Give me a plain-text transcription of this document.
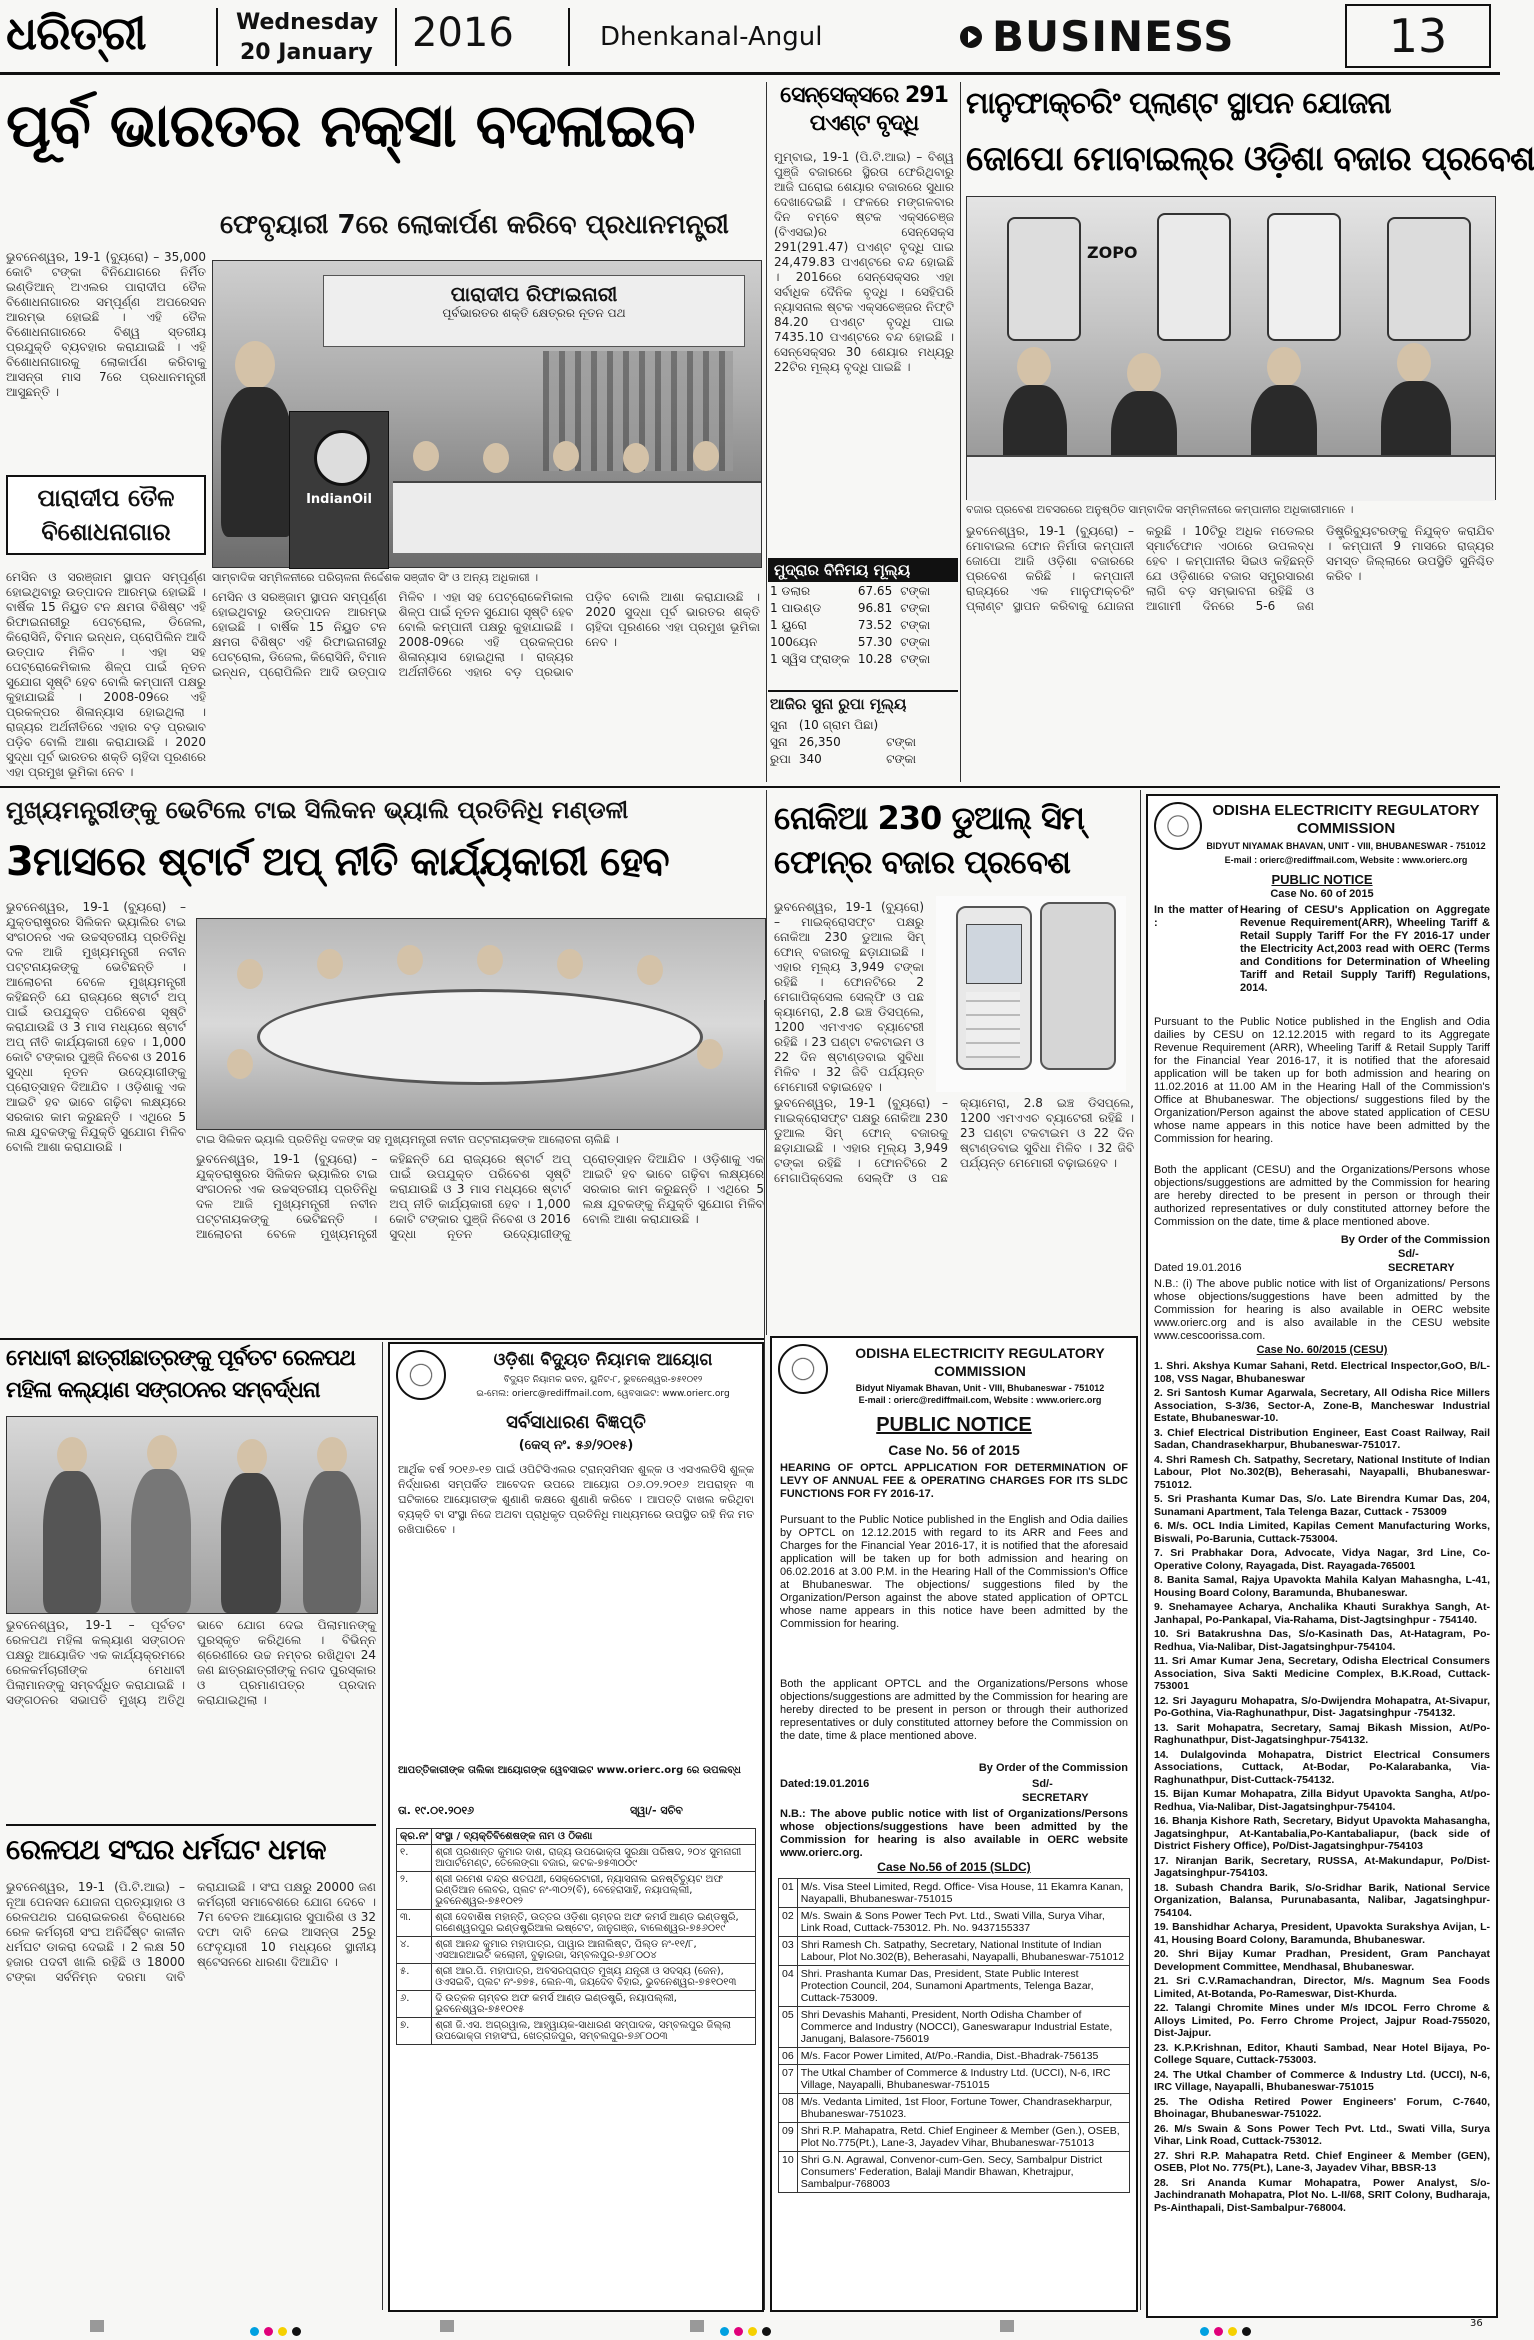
ଧରିତ୍ରୀ	Wednesday
20 January 2016	Dhenkanal-Angul	BUSINESS	13
ପୂର୍ବ ଭାରତର ନକ୍ସା ବଦଳାଇବ
ଫେବୃୟାରୀ 7ରେ ଲୋକାର୍ପଣ କରିବେ ପ୍ରଧାନମନ୍ତ୍ରୀ
ଭୁବନେଶ୍ୱର, 19-1 (ବ୍ୟୁରୋ) – 35,000 କୋଟି ଟଙ୍କା ବିନିଯୋଗରେ ନିର୍ମିତ ଇଣ୍ଡିଆନ୍ ଅଏଲର ପାରାଦୀପ ତୈଳ ବିଶୋଧନାଗାରର ସମ୍ପୂର୍ଣ୍ଣ ଅପରେସନ ଆରମ୍ଭ ହୋଇଛି । ଏହି ତୈଳ ବିଶୋଧନାଗାରରେ ବିଶ୍ୱ ସ୍ତରୀୟ ପ୍ରଯୁକ୍ତି ବ୍ୟବହାର କରାଯାଇଛି । ଏହି ବିଶୋଧନାଗାରକୁ ଲୋକାର୍ପଣ କରିବାକୁ ଆସନ୍ତା ମାସ 7ରେ ପ୍ରଧାନମନ୍ତ୍ରୀ ଆସୁଛନ୍ତି ।
ପାରାଦୀପ ତୈଳ ବିଶୋଧନାଗାର
ମେସିନ ଓ ସରଞ୍ଜାମ ସ୍ଥାପନ ସମ୍ପୂର୍ଣ୍ଣ ହୋଇଥିବାରୁ ଉତ୍ପାଦନ ଆରମ୍ଭ ହୋଇଛି । ବାର୍ଷିକ 15 ନିୟୁତ ଟନ କ୍ଷମତା ବିଶିଷ୍ଟ ଏହି ରିଫାଇନାରୀରୁ ପେଟ୍ରୋଲ, ଡିଜେଲ, କିରୋସିନି, ବିମାନ ଇନ୍ଧନ, ପ୍ରୋପିଲିନ ଆଦି ଉତ୍ପାଦ ମିଳିବ । ଏହା ସହ ପେଟ୍ରୋକେମିକାଲ ଶିଳ୍ପ ପାଇଁ ନୂତନ ସୁଯୋଗ ସୃଷ୍ଟି ହେବ ବୋଲି କମ୍ପାନୀ ପକ୍ଷରୁ କୁହାଯାଇଛି । 2008-09ରେ ଏହି ପ୍ରକଳ୍ପର ଶିଳାନ୍ୟାସ ହୋଇଥିଲା । ରାଜ୍ୟର ଅର୍ଥନୀତିରେ ଏହାର ବଡ଼ ପ୍ରଭାବ ପଡ଼ିବ ବୋଲି ଆଶା କରାଯାଉଛି । 2020 ସୁଦ୍ଧା ପୂର୍ବ ଭାରତର ଶକ୍ତି ଚାହିଦା ପୂରଣରେ ଏହା ପ୍ରମୁଖ ଭୂମିକା ନେବ ।
ପାରାଦୀପ ରିଫାଇନାରୀ
ପୂର୍ବଭାରତର ଶକ୍ତି କ୍ଷେତ୍ରର ନୂତନ ପଥ
IndianOil
ସାମ୍ବାଦିକ ସମ୍ମିଳନୀରେ ପରିଚାଳନା ନିର୍ଦ୍ଦେଶକ ସଞ୍ଜୀବ ସିଂ ଓ ଅନ୍ୟ ଅଧିକାରୀ ।
ମେସିନ ଓ ସରଞ୍ଜାମ ସ୍ଥାପନ ସମ୍ପୂର୍ଣ୍ଣ ହୋଇଥିବାରୁ ଉତ୍ପାଦନ ଆରମ୍ଭ ହୋଇଛି । ବାର୍ଷିକ 15 ନିୟୁତ ଟନ କ୍ଷମତା ବିଶିଷ୍ଟ ଏହି ରିଫାଇନାରୀରୁ ପେଟ୍ରୋଲ, ଡିଜେଲ, କିରୋସିନି, ବିମାନ ଇନ୍ଧନ, ପ୍ରୋପିଲିନ ଆଦି ଉତ୍ପାଦ ମିଳିବ । ଏହା ସହ ପେଟ୍ରୋକେମିକାଲ ଶିଳ୍ପ ପାଇଁ ନୂତନ ସୁଯୋଗ ସୃଷ୍ଟି ହେବ ବୋଲି କମ୍ପାନୀ ପକ୍ଷରୁ କୁହାଯାଇଛି । 2008-09ରେ ଏହି ପ୍ରକଳ୍ପର ଶିଳାନ୍ୟାସ ହୋଇଥିଲା । ରାଜ୍ୟର ଅର୍ଥନୀତିରେ ଏହାର ବଡ଼ ପ୍ରଭାବ ପଡ଼ିବ ବୋଲି ଆଶା କରାଯାଉଛି । 2020 ସୁଦ୍ଧା ପୂର୍ବ ଭାରତର ଶକ୍ତି ଚାହିଦା ପୂରଣରେ ଏହା ପ୍ରମୁଖ ଭୂମିକା ନେବ ।
ସେନ୍‌ସେକ୍ସରେ 291 ପଏଣ୍ଟ ବୃଦ୍ଧି
ମୁମ୍ବାଇ, 19-1 (ପି.ଟି.ଆଇ) – ବିଶ୍ୱ ପୁଞ୍ଜି ବଜାରରେ ସ୍ଥିରତା ଫେରିଥିବାରୁ ଆଜି ଘରୋଇ ଶେୟାର ବଜାରରେ ସୁଧାର ଦେଖାଦେଇଛି । ଫଳରେ ମଙ୍ଗଳବାର ଦିନ ବମ୍ବେ ଷ୍ଟକ ଏକ୍ସଚେଞ୍ଜ (ବିଏସଇ)ର ସେନ୍‌ସେକ୍ସ 291(291.47) ପଏଣ୍ଟ ବୃଦ୍ଧି ପାଇ 24,479.83 ପଏଣ୍ଟରେ ବନ୍ଦ ହୋଇଛି । 2016ରେ ସେନ୍‌ସେକ୍ସର ଏହା ସର୍ବାଧିକ ଦୈନିକ ବୃଦ୍ଧି । ସେହିପରି ନ୍ୟାସନାଲ ଷ୍ଟକ ଏକ୍ସଚେଞ୍ଜର ନିଫ୍ଟି 84.20 ପଏଣ୍ଟ ବୃଦ୍ଧି ପାଇ 7435.10 ପଏଣ୍ଟରେ ବନ୍ଦ ହୋଇଛି । ସେନ୍‌ସେକ୍ସର 30 ଶେୟାର ମଧ୍ୟରୁ 22ଟିର ମୂଲ୍ୟ ବୃଦ୍ଧି ପାଇଛି ।
ମୁଦ୍ରାର ବିନିମୟ ମୂଲ୍ୟ
1 ଡଲାର	67.65	ଟଙ୍କା
1 ପାଉଣ୍ଡ	96.81	ଟଙ୍କା
1 ୟୁରୋ	73.52	ଟଙ୍କା
100ୟେନ	57.30	ଟଙ୍କା
1 ସ୍ୱିସ ଫ୍ରାଙ୍କ	10.28	ଟଙ୍କା
ଆଜିର ସୁନା ରୁପା ମୂଲ୍ୟ
ସୁନା	(10 ଗ୍ରାମ ପିଛା)	
ସୁନା	26,350	ଟଙ୍କା
ରୁପା	340	ଟଙ୍କା
ମାନୁଫାକ୍ଚରିଂ ପ୍ଲାଣ୍ଟ ସ୍ଥାପନ ଯୋଜନା
ଜୋପୋ ମୋବାଇଲ୍‌ର ଓଡ଼ିଶା ବଜାର ପ୍ରବେଶ
ZOPO
ବଜାର ପ୍ରବେଶ ଅବସରରେ ଅନୁଷ୍ଠିତ ସାମ୍ବାଦିକ ସମ୍ମିଳନୀରେ କମ୍ପାନୀର ଅଧିକାରୀମାନେ ।
ଭୁବନେଶ୍ୱର, 19-1 (ବ୍ୟୁରୋ) – ମୋବାଇଲ ଫୋନ ନିର୍ମାତା କମ୍ପାନୀ ଜୋପୋ ଆଜି ଓଡ଼ିଶା ବଜାରରେ ପ୍ରବେଶ କରିଛି । କମ୍ପାନୀ ରାଜ୍ୟରେ ଏକ ମାନୁଫାକ୍ଚରିଂ ପ୍ଲାଣ୍ଟ ସ୍ଥାପନ କରିବାକୁ ଯୋଜନା କରୁଛି । 10ଟିରୁ ଅଧିକ ମଡେଲର ସ୍ମାର୍ଟଫୋନ ଏଠାରେ ଉପଲବ୍ଧ ହେବ । କମ୍ପାନୀର ସିଇଓ କହିଛନ୍ତି ଯେ ଓଡ଼ିଶାରେ ବଜାର ସମ୍ପ୍ରସାରଣ ଲାଗି ବଡ଼ ସମ୍ଭାବନା ରହିଛି ଓ ଆଗାମୀ ଦିନରେ 5-6 ଜଣ ଡିଷ୍ଟ୍ରିବ୍ୟୁଟରଙ୍କୁ ନିଯୁକ୍ତ କରାଯିବ । କମ୍ପାନୀ 9 ମାସରେ ରାଜ୍ୟର ସମସ୍ତ ଜିଲ୍ଲାରେ ଉପସ୍ଥିତି ସୁନିଶ୍ଚିତ କରିବ ।
ମୁଖ୍ୟମନ୍ତ୍ରୀଙ୍କୁ ଭେଟିଲେ ଟାଇ ସିଲିକନ ଭ୍ୟାଲି ପ୍ରତିନିଧି ମଣ୍ଡଳୀ
3ମାସରେ ଷ୍ଟାର୍ଟ ଅପ୍ ନୀତି କାର୍ଯ୍ୟକାରୀ ହେବ
ଭୁବନେଶ୍ୱର, 19-1 (ବ୍ୟୁରୋ) – ଯୁକ୍ତରାଷ୍ଟ୍ରର ସିଲିକନ ଭ୍ୟାଲିର ଟାଇ ସଂଗଠନର ଏକ ଉଚ୍ଚସ୍ତରୀୟ ପ୍ରତିନିଧି ଦଳ ଆଜି ମୁଖ୍ୟମନ୍ତ୍ରୀ ନବୀନ ପଟ୍ଟନାୟକଙ୍କୁ ଭେଟିଛନ୍ତି । ଆଲୋଚନା ବେଳେ ମୁଖ୍ୟମନ୍ତ୍ରୀ କହିଛନ୍ତି ଯେ ରାଜ୍ୟରେ ଷ୍ଟାର୍ଟ ଅପ୍ ପାଇଁ ଉପଯୁକ୍ତ ପରିବେଶ ସୃଷ୍ଟି କରାଯାଉଛି ଓ 3 ମାସ ମଧ୍ୟରେ ଷ୍ଟାର୍ଟ ଅପ୍ ନୀତି କାର୍ଯ୍ୟକାରୀ ହେବ । 1,000 କୋଟି ଟଙ୍କାର ପୁଞ୍ଜି ନିବେଶ ଓ 2016 ସୁଦ୍ଧା ନୂତନ ଉଦ୍ୟୋଗୀଙ୍କୁ ପ୍ରୋତ୍ସାହନ ଦିଆଯିବ । ଓଡ଼ିଶାକୁ ଏକ ଆଇଟି ହବ ଭାବେ ଗଢ଼ିବା ଲକ୍ଷ୍ୟରେ ସରକାର କାମ କରୁଛନ୍ତି । ଏଥିରେ 5 ଲକ୍ଷ ଯୁବକଙ୍କୁ ନିଯୁକ୍ତି ସୁଯୋଗ ମିଳିବ ବୋଲି ଆଶା କରାଯାଉଛି ।
ଟାଇ ସିଲିକନ ଭ୍ୟାଲି ପ୍ରତିନିଧି ଦଳଙ୍କ ସହ ମୁଖ୍ୟମନ୍ତ୍ରୀ ନବୀନ ପଟ୍ଟନାୟକଙ୍କ ଆଲୋଚନା ଚାଲିଛି ।
ଭୁବନେଶ୍ୱର, 19-1 (ବ୍ୟୁରୋ) – ଯୁକ୍ତରାଷ୍ଟ୍ରର ସିଲିକନ ଭ୍ୟାଲିର ଟାଇ ସଂଗଠନର ଏକ ଉଚ୍ଚସ୍ତରୀୟ ପ୍ରତିନିଧି ଦଳ ଆଜି ମୁଖ୍ୟମନ୍ତ୍ରୀ ନବୀନ ପଟ୍ଟନାୟକଙ୍କୁ ଭେଟିଛନ୍ତି । ଆଲୋଚନା ବେଳେ ମୁଖ୍ୟମନ୍ତ୍ରୀ କହିଛନ୍ତି ଯେ ରାଜ୍ୟରେ ଷ୍ଟାର୍ଟ ଅପ୍ ପାଇଁ ଉପଯୁକ୍ତ ପରିବେଶ ସୃଷ୍ଟି କରାଯାଉଛି ଓ 3 ମାସ ମଧ୍ୟରେ ଷ୍ଟାର୍ଟ ଅପ୍ ନୀତି କାର୍ଯ୍ୟକାରୀ ହେବ । 1,000 କୋଟି ଟଙ୍କାର ପୁଞ୍ଜି ନିବେଶ ଓ 2016 ସୁଦ୍ଧା ନୂତନ ଉଦ୍ୟୋଗୀଙ୍କୁ ପ୍ରୋତ୍ସାହନ ଦିଆଯିବ । ଓଡ଼ିଶାକୁ ଏକ ଆଇଟି ହବ ଭାବେ ଗଢ଼ିବା ଲକ୍ଷ୍ୟରେ ସରକାର କାମ କରୁଛନ୍ତି । ଏଥିରେ 5 ଲକ୍ଷ ଯୁବକଙ୍କୁ ନିଯୁକ୍ତି ସୁଯୋଗ ମିଳିବ ବୋଲି ଆଶା କରାଯାଉଛି ।
ନୋକିଆ 230 ଡୁଆଲ୍ ସିମ୍ ଫୋନ୍‌ର ବଜାର ପ୍ରବେଶ
ଭୁବନେଶ୍ୱର, 19-1 (ବ୍ୟୁରୋ) – ମାଇକ୍ରୋସଫ୍ଟ ପକ୍ଷରୁ ନୋକିଆ 230 ଡୁଆଲ ସିମ୍ ଫୋନ୍ ବଜାରକୁ ଛଡ଼ାଯାଇଛି । ଏହାର ମୂଲ୍ୟ 3,949 ଟଙ୍କା ରହିଛି । ଫୋନଟିରେ 2 ମେଗାପିକ୍ସେଲ ସେଲ୍‌ଫି ଓ ପଛ କ୍ୟାମେରା, 2.8 ଇଞ୍ଚ ଡିସପ୍ଲେ, 1200 ଏମଏଏଚ ବ୍ୟାଟେରୀ ରହିଛି । 23 ଘଣ୍ଟା ଟକଟାଇମ ଓ 22 ଦିନ ଷ୍ଟାଣ୍ଡବାଇ ସୁବିଧା ମିଳିବ । 32 ଜିବି ପର୍ଯ୍ୟନ୍ତ ମେମୋରୀ ବଢ଼ାଇହେବ ।
ଭୁବନେଶ୍ୱର, 19-1 (ବ୍ୟୁରୋ) – ମାଇକ୍ରୋସଫ୍ଟ ପକ୍ଷରୁ ନୋକିଆ 230 ଡୁଆଲ ସିମ୍ ଫୋନ୍ ବଜାରକୁ ଛଡ଼ାଯାଇଛି । ଏହାର ମୂଲ୍ୟ 3,949 ଟଙ୍କା ରହିଛି । ଫୋନଟିରେ 2 ମେଗାପିକ୍ସେଲ ସେଲ୍‌ଫି ଓ ପଛ କ୍ୟାମେରା, 2.8 ଇଞ୍ଚ ଡିସପ୍ଲେ, 1200 ଏମଏଏଚ ବ୍ୟାଟେରୀ ରହିଛି । 23 ଘଣ୍ଟା ଟକଟାଇମ ଓ 22 ଦିନ ଷ୍ଟାଣ୍ଡବାଇ ସୁବିଧା ମିଳିବ । 32 ଜିବି ପର୍ଯ୍ୟନ୍ତ ମେମୋରୀ ବଢ଼ାଇହେବ ।
ODISHA ELECTRICITY REGULATORY COMMISSION
BIDYUT NIYAMAK BHAVAN, UNIT - VIII, BHUBANESWAR - 751012
E-mail : orierc@rediffmail.com, Website : www.orierc.org
PUBLIC NOTICE
Case No. 60 of 2015
In the matter of :
Hearing of CESU's Application on Aggregate Revenue Requirement(ARR), Wheeling Tariff & Retail Supply Tariff For the FY 2016-17 under the Electricity Act,2003 read with OERC (Terms and Conditions for Determination of Wheeling Tariff and Retail Supply Tariff) Regulations, 2014.
Pursuant to the Public Notice published in the English and Odia dailies by CESU on 12.12.2015 with regard to its Aggregate Revenue Requirement (ARR), Wheeling Tariff & Retail Supply Tariff for the Financial Year 2016-17, it is notified that the aforesaid application will be taken up for both admission and hearing on 11.02.2016 at 11.00 AM in the Hearing Hall of the Commission's Office at Bhubaneswar. The objections/ suggestions filed by the Organization/Person against the above stated application of CESU whose name appears in this notice have been admitted by the Commission for hearing.
Both the applicant (CESU) and the Organizations/Persons whose objections/suggestions are admitted by the Commission for hearing are hereby directed to be present in person or through their authorized representatives or duly constituted attorney before the Commission on the date, time & place mentioned above.
By Order of the Commission
Sd/-
Dated 19.01.2016	SECRETARY
N.B.: (i) The above public notice with list of Organizations/ Persons whose objections/suggestions have been admitted by the Commission for hearing is also available in OERC website www.orierc.org and is also available in the CESU website www.cescoorissa.com.
Case No. 60/2015 (CESU)
1. Shri. Akshya Kumar Sahani, Retd. Electrical Inspector,GoO, B/L-108, VSS Nagar, Bhubaneswar
2. Sri Santosh Kumar Agarwala, Secretary, All Odisha Rice Millers Association, S-3/36, Sector-A, Zone-B, Mancheswar Industrial Estate, Bhubaneswar-10.
3. Chief Electrical Distribution Engineer, East Coast Railway, Rail Sadan, Chandrasekharpur, Bhubaneswar-751017.
4. Shri Ramesh Ch. Satpathy, Secretary, National Institute of Indian Labour, Plot No.302(B), Beherasahi, Nayapalli, Bhubaneswar-751012.
5. Sri Prashanta Kumar Das, S/o. Late Birendra Kumar Das, 204, Sunamani Apartment, Tala Telenga Bazar, Cuttack - 753009
6. M/s. OCL India Limited, Kapilas Cement Manufacturing Works, Biswali, Po-Barunia, Cuttack-753004.
7. Sri Prabhakar Dora, Advocate, Vidya Nagar, 3rd Line, Co-Operative Colony, Rayagada, Dist. Rayagada-765001
8. Banita Samal, Rajya Upavokta Mahila Kalyan Mahasngha, L-41, Housing Board Colony, Baramunda, Bhubaneswar.
9. Snehamayee Acharya, Anchalika Khauti Surakhya Sangh, At-Janhapal, Po-Pankapal, Via-Rahama, Dist-Jagtsinghpur - 754140.
10. Sri Batakrushna Das, S/o-Kasinath Das, At-Hatagram, Po-Redhua, Via-Nalibar, Dist-Jagatsinghpur-754104.
11. Sri Amar Kumar Jena, Secretary, Odisha Electrical Consumers Association, Siva Sakti Medicine Complex, B.K.Road, Cuttack-753001
12. Sri Jayaguru Mohapatra, S/o-Dwijendra Mohapatra, At-Sivapur, Po-Gothina, Via-Raghunathpur, Dist- Jagatsinghpur -754132.
13. Sarit Mohapatra, Secretary, Samaj Bikash Mission, At/Po-Raghunathpur, Dist-Jagatsinghpur-754132.
14. Dulalgovinda Mohapatra, District Electrical Consumers Associations, Cuttack, At-Bodar, Po-Kalarabanka, Via-Raghunathpur, Dist-Cuttack-754132.
15. Bijan Kumar Mohapatra, Zilla Bidyut Upavokta Sangha, At/po-Redhua, Via-Nalibar, Dist-Jagatsinghpur-754104.
16. Bhanja Kishore Rath, Secretary, Bidyut Upavokta Mahasangha, Jagatsinghpur, At-Kantabalia,Po-Kantabaliapur, (back side of District Fishery Office), Po/Dist-Jagatsinghpur-754103
17. Niranjan Barik, Secretary, RUSSA, At-Makundapur, Po/Dist-Jagatsinghpur-754103.
18. Subash Chandra Barik, S/o-Sridhar Barik, National Service Organization, Balansa, Purunabasanta, Nalibar, Jagatsinghpur-754104.
19. Banshidhar Acharya, President, Upavokta Surakshya Avijan, L-41, Housing Board Colony, Baramunda, Bhubaneswar.
20. Shri Bijay Kumar Pradhan, President, Gram Panchayat Development Committee, Mendhasal, Bhubaneswar.
21. Sri C.V.Ramachandran, Director, M/s. Magnum Sea Foods Limited, At-Botanda, Po-Rameswar, Dist-Khurda.
22. Talangi Chromite Mines under M/s IDCOL Ferro Chrome & Alloys Limited, Po. Ferro Chrome Project, Jajpur Road-755020, Dist-Jajpur.
23. K.P.Krishnan, Editor, Khauti Sambad, Near Hotel Bijaya, Po-College Square, Cuttack-753003.
24. The Utkal Chamber of Commerce & Industry Ltd. (UCCI), N-6, IRC Village, Nayapalli, Bhubaneswar-751015
25. The Odisha Retired Power Engineers' Forum, C-7640, Bhoinagar, Bhubaneswar-751022.
26. M/s Swain & Sons Power Tech Pvt. Ltd., Swati Villa, Surya Vihar, Link Road, Cuttack-753012.
27. Shri R.P. Mahapatra Retd. Chief Engineer & Member (GEN), OSEB, Plot No. 775(Pt.), Lane-3, Jayadev Vihar, BBSR-13
28. Sri Ananda Kumar Mohapatra, Power Analyst, S/o-Jachindranath Mohapatra, Plot No. L-II/68, SRIT Colony, Budharaja, Ps-Ainthapali, Dist-Sambalpur-768004.
ମେଧାବୀ ଛାତ୍ରୀଛାତ୍ରଙ୍କୁ ପୂର୍ବତଟ ରେଳପଥ
ମହିଳା କଲ୍ୟାଣ ସଙ୍ଗଠନର ସମ୍ବର୍ଦ୍ଧନା
ଭୁବନେଶ୍ୱର, 19-1 – ପୂର୍ବତଟ ରେଳପଥ ମହିଳା କଲ୍ୟାଣ ସଙ୍ଗଠନ ପକ୍ଷରୁ ଆୟୋଜିତ ଏକ କାର୍ଯ୍ୟକ୍ରମରେ ରେଳକର୍ମଚାରୀଙ୍କ ମେଧାବୀ ପିଲାମାନଙ୍କୁ ସମ୍ବର୍ଦ୍ଧିତ କରାଯାଇଛି । ସଙ୍ଗଠନର ସଭାପତି ମୁଖ୍ୟ ଅତିଥି ଭାବେ ଯୋଗ ଦେଇ ପିଲାମାନଙ୍କୁ ପୁରସ୍କୃତ କରିଥିଲେ । ବିଭିନ୍ନ ଶ୍ରେଣୀରେ ଉଚ୍ଚ ନମ୍ବର ରଖିଥିବା 24 ଜଣ ଛାତ୍ରଛାତ୍ରୀଙ୍କୁ ନଗଦ ପୁରସ୍କାର ଓ ପ୍ରମାଣପତ୍ର ପ୍ରଦାନ କରାଯାଇଥିଲା ।
ରେଳପଥ ସଂଘର ଧର୍ମଘଟ ଧମକ
ଭୁବନେଶ୍ୱର, 19-1 (ପି.ଟି.ଆଇ) – ନୂଆ ପେନସନ ଯୋଜନା ପ୍ରତ୍ୟାହାର ଓ ରେଳପଥର ଘରୋଇକରଣ ବିରୋଧରେ ରେଳ କର୍ମଚାରୀ ସଂଘ ଅନିର୍ଦ୍ଦିଷ୍ଟ କାଳୀନ ଧର୍ମଘଟ ଡାକରା ଦେଇଛି । 2 ଲକ୍ଷ 50 ହଜାର ପଦବୀ ଖାଲି ରହିଛି ଓ 18000 ଟଙ୍କା ସର୍ବନିମ୍ନ ଦରମା ଦାବି କରାଯାଇଛି । ସଂଘ ପକ୍ଷରୁ 20000 ଜଣ କର୍ମଚାରୀ ସମାବେଶରେ ଯୋଗ ଦେବେ । 7ମ ବେତନ ଆୟୋଗର ସୁପାରିଶ ଓ 32 ଦଫା ଦାବି ନେଇ ଆସନ୍ତା 25ରୁ ଫେବୃୟାରୀ 10 ମଧ୍ୟରେ ସ୍ଥାନୀୟ ଷ୍ଟେସନରେ ଧାରଣା ଦିଆଯିବ ।
ଓଡ଼ିଶା ବିଦ୍ୟୁତ ନିୟାମକ ଆୟୋଗ
ବିଦ୍ୟୁତ ନିୟାମକ ଭବନ, ୟୁନିଟ-୮, ଭୁବନେଶ୍ୱର-୭୫୧୦୧୨
ଇ-ମେଲ: orierc@rediffmail.com, ୱେବସାଇଟ: www.orierc.org
ସର୍ବସାଧାରଣ ବିଜ୍ଞପ୍ତି
(କେସ୍ ନଂ. ୫୬/୨୦୧୫)
ଆର୍ଥିକ ବର୍ଷ ୨୦୧୬-୧୭ ପାଇଁ ଓପିଟିସିଏଲର ଟ୍ରାନ୍ସମିସନ ଶୁଳ୍କ ଓ ଏସଏଲଡିସି ଶୁଳ୍କ ନିର୍ଦ୍ଧାରଣ ସମ୍ପର୍କିତ ଆବେଦନ ଉପରେ ଆୟୋଗ ୦୬.୦୨.୨୦୧୬ ଅପରାହ୍ନ ୩ ଘଟିକାରେ ଆୟୋଗଙ୍କ ଶୁଣାଣି କକ୍ଷରେ ଶୁଣାଣି କରିବେ । ଆପତ୍ତି ଦାଖଲ କରିଥିବା ବ୍ୟକ୍ତି ବା ସଂସ୍ଥା ନିଜେ ଅଥବା ପ୍ରାଧିକୃତ ପ୍ରତିନିଧି ମାଧ୍ୟମରେ ଉପସ୍ଥିତ ରହି ନିଜ ମତ ରଖିପାରିବେ ।
ଆପତ୍ତିକାରୀଙ୍କ ତାଲିକା ଆୟୋଗଙ୍କ ୱେବସାଇଟ www.orierc.org ରେ ଉପଲବ୍ଧ
ତା. ୧୯.୦୧.୨୦୧୬	ସ୍ୱା/- ସଚିବ
କ୍ର.ନଂ	ସଂସ୍ଥା / ବ୍ୟକ୍ତିବିଶେଷଙ୍କ ନାମ ଓ ଠିକଣା
୧.	ଶ୍ରୀ ପ୍ରଶାନ୍ତ କୁମାର ଦାଶ, ରାଜ୍ୟ ଉପଭୋକ୍ତା ସୁରକ୍ଷା ପରିଷଦ, ୨୦୪ ସୁମନାଗୀ ଆପାର୍ଟମେଣ୍ଟ, ତେଲେଙ୍ଗା ବଜାର, କଟକ-୭୫୩୦୦୯
୨.	ଶ୍ରୀ ରମେଶ ଚନ୍ଦ୍ର ଶତପଥୀ, ସେକ୍ରେଟାରୀ, ନ୍ୟାସନାଲ ଇନଷ୍ଟିଚ୍ୟୁଟ ଅଫ ଇଣ୍ଡିଆନ ଲେବର, ପ୍ଲଟ ନଂ-୩୦୨(ବି), ବେହେରାସାହି, ନୟାପଲ୍ଲୀ, ଭୁବନେଶ୍ୱର-୭୫୧୦୧୨
୩.	ଶ୍ରୀ ଦେବାଶିଷ ମହାନ୍ତି, ଉତ୍ତର ଓଡ଼ିଶା ଚାମ୍ବର ଅଫ କମର୍ସ ଆଣ୍ଡ ଇଣ୍ଡଷ୍ଟ୍ରି, ଗଣେଶ୍ୱରପୁର ଇଣ୍ଡଷ୍ଟ୍ରିଆଲ ଇଷ୍ଟେଟ, ଜାନୁଗଞ୍ଜ, ବାଲେଶ୍ୱର-୭୫୬୦୧୯
୪.	ଶ୍ରୀ ଆନନ୍ଦ କୁମାର ମହାପାତ୍ର, ପାୱାର ଆନାଲିଷ୍ଟ, ପିଲ୍ଡ ନଂ-୧୧/୮, ଏସଆରଆଇଟି କଲୋନୀ, ବୁଢ଼ାରଜା, ସମ୍ବଲପୁର-୭୬୮୦୦୪
୫.	ଶ୍ରୀ ଆର.ପି. ମହାପାତ୍ର, ଅବସରପ୍ରାପ୍ତ ମୁଖ୍ୟ ଯନ୍ତ୍ରୀ ଓ ସଦସ୍ୟ (ଜେନ), ଓଏସଇବି, ପ୍ଲଟ ନଂ-୭୭୫, ଲେନ-୩, ଜୟଦେବ ବିହାର, ଭୁବନେଶ୍ୱର-୭୫୧୦୧୩
୬.	ଦି ଉତ୍କଳ ଚାମ୍ବର ଅଫ କମର୍ସ ଆଣ୍ଡ ଇଣ୍ଡଷ୍ଟ୍ରି, ନୟାପଲ୍ଲୀ, ଭୁବନେଶ୍ୱର-୭୫୧୦୧୫
୭.	ଶ୍ରୀ ଜି.ଏସ. ଅଗ୍ରୱାଲ, ଆହ୍ୱାୟକ-ସାଧାରଣ ସମ୍ପାଦକ, ସମ୍ବଲପୁର ଜିଲ୍ଲା ଉପଭୋକ୍ତା ମହାସଂଘ, ଖେତ୍ରାଜପୁର, ସମ୍ବଲପୁର-୭୬୮୦୦୩
ODISHA ELECTRICITY REGULATORY COMMISSION
Bidyut Niyamak Bhavan, Unit - VIII, Bhubaneswar - 751012
E-mail : orierc@rediffmail.com, Website : www.orierc.org
PUBLIC NOTICE
Case No. 56 of 2015
HEARING OF OPTCL APPLICATION FOR DETERMINATION OF LEVY OF ANNUAL FEE & OPERATING CHARGES FOR ITS SLDC FUNCTIONS FOR FY 2016-17.
Pursuant to the Public Notice published in the English and Odia dailies by OPTCL on 12.12.2015 with regard to its ARR and Fees and Charges for the Financial Year 2016-17, it is notified that the aforesaid application will be taken up for both admission and hearing on 06.02.2016 at 3.00 P.M. in the Hearing Hall of the Commission's Office at Bhubaneswar. The objections/ suggestions filed by the Organization/Person against the above stated application of OPTCL whose name appears in this notice have been admitted by the Commission for hearing.
Both the applicant OPTCL and the Organizations/Persons whose objections/suggestions are admitted by the Commission for hearing are hereby directed to be present in person or through their authorized representatives or duly constituted attorney before the Commission on the date, time & place mentioned above.
By Order of the Commission
Dated:19.01.2016	Sd/-
SECRETARY
N.B.: The above public notice with list of Organizations/Persons whose objections/suggestions have been admitted by the Commission for hearing is also available in OERC website www.orierc.org.
Case No.56 of 2015 (SLDC)
01	M/s. Visa Steel Limited, Regd. Office- Visa House, 11 Ekamra Kanan, Nayapalli, Bhubaneswar-751015
02	M/s. Swain & Sons Power Tech Pvt. Ltd., Swati Villa, Surya Vihar, Link Road, Cuttack-753012. Ph. No. 9437155337
03	Shri Ramesh Ch. Satpathy, Secretary, National Institute of Indian Labour, Plot No.302(B), Beherasahi, Nayapalli, Bhubaneswar-751012
04	Shri. Prashanta Kumar Das, President, State Public Interest Protection Council, 204, Sunamoni Apartments, Telenga Bazar, Cuttack-753009.
05	Shri Devashis Mahanti, President, North Odisha Chamber of Commerce and Industry (NOCCI), Ganeswarapur Industrial Estate, Januganj, Balasore-756019
06	M/s. Facor Power Limited, At/Po.-Randia, Dist.-Bhadrak-756135
07	The Utkal Chamber of Commerce & Industry Ltd. (UCCI), N-6, IRC Village, Nayapalli, Bhubaneswar-751015
08	M/s. Vedanta Limited, 1st Floor, Fortune Tower, Chandrasekharpur, Bhubaneswar-751023.
09	Shri R.P. Mahapatra, Retd. Chief Engineer & Member (Gen.), OSEB, Plot No.775(Pt.), Lane-3, Jayadev Vihar, Bhubaneswar-751013
10	Shri G.N. Agrawal, Convenor-cum-Gen. Secy, Sambalpur District Consumers' Federation, Balaji Mandir Bhawan, Khetrajpur, Sambalpur-768003

36
